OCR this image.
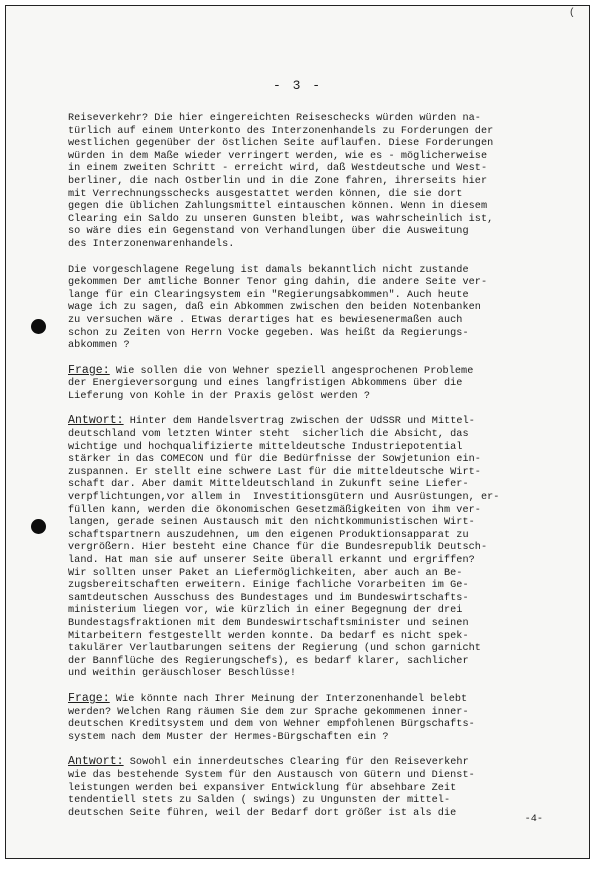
(
- 3 -

Reiseverkehr? Die hier eingereichten Reiseschecks würden würden na-
türlich auf einem Unterkonto des Interzonenhandels zu Forderungen der
westlichen gegenüber der östlichen Seite auflaufen. Diese Forderungen
würden in dem Maße wieder verringert werden, wie es - möglicherweise
in einem zweiten Schritt - erreicht wird, daß Westdeutsche und West-
berliner, die nach Ostberlin und in die Zone fahren, ihrerseits hier
mit Verrechnungsschecks ausgestattet werden können, die sie dort
gegen die üblichen Zahlungsmittel eintauschen können. Wenn in diesem
Clearing ein Saldo zu unseren Gunsten bleibt, was wahrscheinlich ist,
so wäre dies ein Gegenstand von Verhandlungen über die Ausweitung
des Interzonenwarenhandels.

Die vorgeschlagene Regelung ist damals bekanntlich nicht zustande
gekommen Der amtliche Bonner Tenor ging dahin, die andere Seite ver-
lange für ein Clearingsystem ein "Regierungsabkommen". Auch heute
wage ich zu sagen, daß ein Abkommen zwischen den beiden Notenbanken
zu versuchen wäre . Etwas derartiges hat es bewiesenermaßen auch
schon zu Zeiten von Herrn Vocke gegeben. Was heißt da Regierungs-
abkommen ?

Frage: Wie sollen die von Wehner speziell angesprochenen Probleme
der Energieversorgung und eines langfristigen Abkommens über die
Lieferung von Kohle in der Praxis gelöst werden ?

Antwort: Hinter dem Handelsvertrag zwischen der UdSSR und Mittel-
deutschland vom letzten Winter steht  sicherlich die Absicht, das
wichtige und hochqualifizierte mitteldeutsche Industriepotential
stärker in das COMECON und für die Bedürfnisse der Sowjetunion ein-
zuspannen. Er stellt eine schwere Last für die mitteldeutsche Wirt-
schaft dar. Aber damit Mitteldeutschland in Zukunft seine Liefer-
verpflichtungen,vor allem in  Investitionsgütern und Ausrüstungen, er-
füllen kann, werden die ökonomischen Gesetzmäßigkeiten von ihm ver-
langen, gerade seinen Austausch mit den nichtkommunistischen Wirt-
schaftspartnern auszudehnen, um den eigenen Produktionsapparat zu
vergrößern. Hier besteht eine Chance für die Bundesrepublik Deutsch-
land. Hat man sie auf unserer Seite überall erkannt und ergriffen?
Wir sollten unser Paket an Liefermöglichkeiten, aber auch an Be-
zugsbereitschaften erweitern. Einige fachliche Vorarbeiten im Ge-
samtdeutschen Ausschuss des Bundestages und im Bundeswirtschafts-
ministerium liegen vor, wie kürzlich in einer Begegnung der drei
Bundestagsfraktionen mit dem Bundeswirtschaftsminister und seinen
Mitarbeitern festgestellt werden konnte. Da bedarf es nicht spek-
takulärer Verlautbarungen seitens der Regierung (und schon garnicht
der Bannflüche des Regierungschefs), es bedarf klarer, sachlicher
und weithin geräuschloser Beschlüsse!

Frage: Wie könnte nach Ihrer Meinung der Interzonenhandel belebt
werden? Welchen Rang räumen Sie dem zur Sprache gekommenen inner-
deutschen Kreditsystem und dem von Wehner empfohlenen Bürgschafts-
system nach dem Muster der Hermes-Bürgschaften ein ?

Antwort: Sowohl ein innerdeutsches Clearing für den Reiseverkehr
wie das bestehende System für den Austausch von Gütern und Dienst-
leistungen werden bei expansiver Entwicklung für absehbare Zeit
tendentiell stets zu Salden ( swings) zu Ungunsten der mittel-
deutschen Seite führen, weil der Bedarf dort größer ist als die

-4-
